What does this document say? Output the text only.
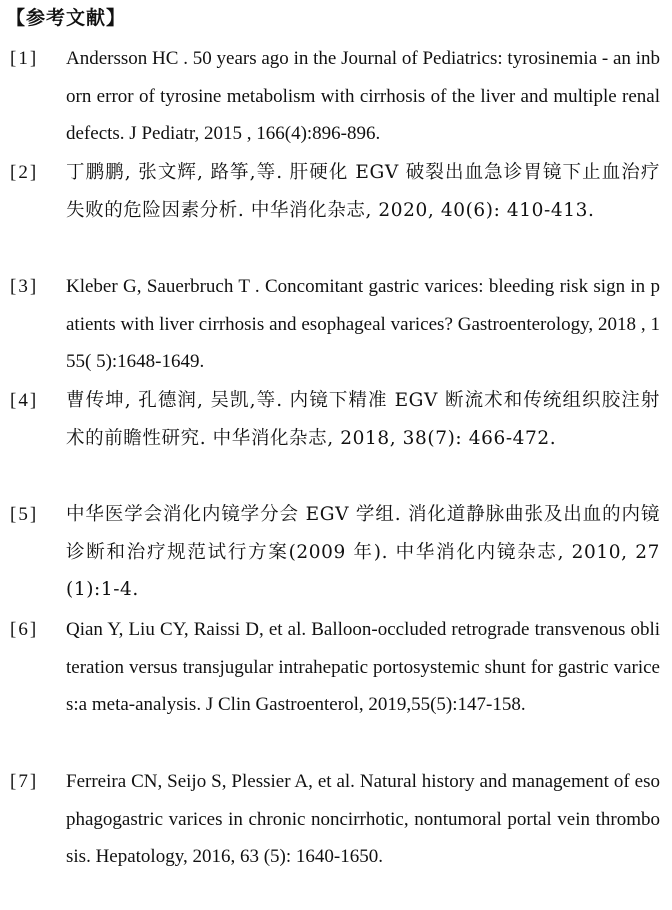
【参考文献】
[1] Andersson HC . 50 years ago in the Journal of Pediatrics: tyrosinemia - an inborn error of tyrosine metabolism with cirrhosis of the liver and multiple renal defects. J Pediatr, 2015 , 166(4):896-896.
[2] 丁鹏鹏, 张文辉, 路筝,等. 肝硬化 EGV 破裂出血急诊胃镜下止血治疗失败的危险因素分析. 中华消化杂志, 2020, 40(6): 410-413.
[3] Kleber G, Sauerbruch T . Concomitant gastric varices: bleeding risk sign in patients with liver cirrhosis and esophageal varices? Gastroenterology, 2018 , 155( 5):1648-1649.
[4] 曹传坤, 孔德润, 吴凯,等. 内镜下精准 EGV 断流术和传统组织胶注射术的前瞻性研究. 中华消化杂志, 2018, 38(7): 466-472.
[5] 中华医学会消化内镜学分会 EGV 学组. 消化道静脉曲张及出血的内镜诊断和治疗规范试行方案(2009 年). 中华消化内镜杂志, 2010, 27(1):1-4.
[6] Qian Y, Liu CY, Raissi D, et al. Balloon-occluded retrograde transvenous obliteration versus transjugular intrahepatic portosystemic shunt for gastric varices:a meta-analysis. J Clin Gastroenterol, 2019,55(5):147-158.
[7] Ferreira CN, Seijo S, Plessier A, et al. Natural history and management of esophagogastric varices in chronic noncirrhotic, nontumoral portal vein thrombosis. Hepatology, 2016, 63 (5): 1640-1650.
